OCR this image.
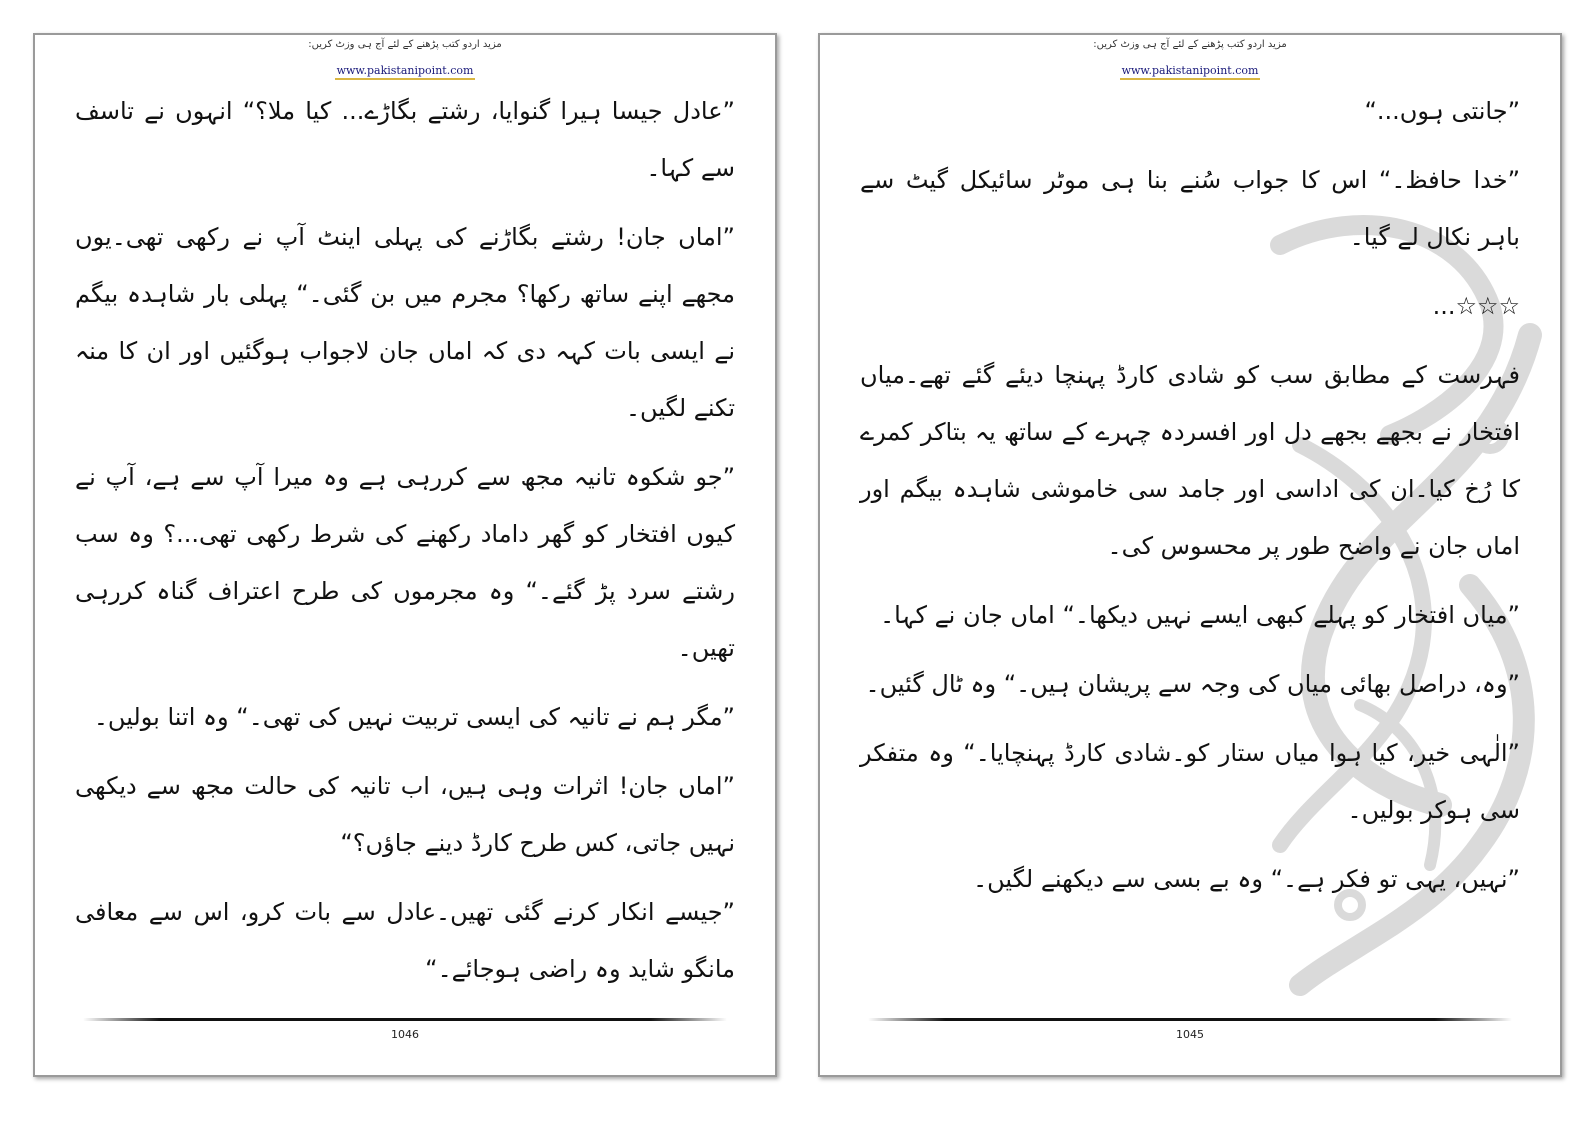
مزید اردو کتب پڑھنے کے لئے آج ہی وزٹ کریں:
www.pakistanipoint.com

”عادل جیسا ہیرا گنوایا، رشتے بگاڑے... کیا ملا؟“ انہوں نے تاسف سے کہا۔

”اماں جان! رشتے بگاڑنے کی پہلی اینٹ آپ نے رکھی تھی۔یوں مجھے اپنے ساتھ رکھا؟ مجرم میں بن گئی۔“ پہلی بار شاہدہ بیگم نے ایسی بات کہہ دی کہ اماں جان لاجواب ہوگئیں اور ان کا منہ تکنے لگیں۔

”جو شکوہ تانیہ مجھ سے کررہی ہے وہ میرا آپ سے ہے، آپ نے کیوں افتخار کو گھر داماد رکھنے کی شرط رکھی تھی...؟ وہ سب رشتے سرد پڑ گئے۔“ وہ مجرموں کی طرح اعتراف گناہ کررہی تھیں۔

”مگر ہم نے تانیہ کی ایسی تربیت نہیں کی تھی۔“ وہ اتنا بولیں۔

”اماں جان! اثرات وہی ہیں، اب تانیہ کی حالت مجھ سے دیکھی نہیں جاتی، کس طرح کارڈ دینے جاؤں؟“

”جیسے انکار کرنے گئی تھیں۔عادل سے بات کرو، اس سے معافی مانگو شاید وہ راضی ہوجائے۔“

1046
مزید اردو کتب پڑھنے کے لئے آج ہی وزٹ کریں:
www.pakistanipoint.com

”جانتی ہوں...“

”خدا حافظ۔“ اس کا جواب سُنے بنا ہی موٹر سائیکل گیٹ سے باہر نکال لے گیا۔

☆☆☆...

فہرست کے مطابق سب کو شادی کارڈ پہنچا دیئے گئے تھے۔میاں افتخار نے بجھے بجھے دل اور افسردہ چہرے کے ساتھ یہ بتاکر کمرے کا رُخ کیا۔ان کی اداسی اور جامد سی خاموشی شاہدہ بیگم اور اماں جان نے واضح طور پر محسوس کی۔

”میاں افتخار کو پہلے کبھی ایسے نہیں دیکھا۔“ اماں جان نے کہا۔

”وہ، دراصل بھائی میاں کی وجہ سے پریشان ہیں۔“ وہ ٹال گئیں۔

”الٰہی خیر، کیا ہوا میاں ستار کو۔شادی کارڈ پہنچایا۔“ وہ متفکر سی ہوکر بولیں۔

”نہیں، یہی تو فکر ہے۔“ وہ بے بسی سے دیکھنے لگیں۔

1045
